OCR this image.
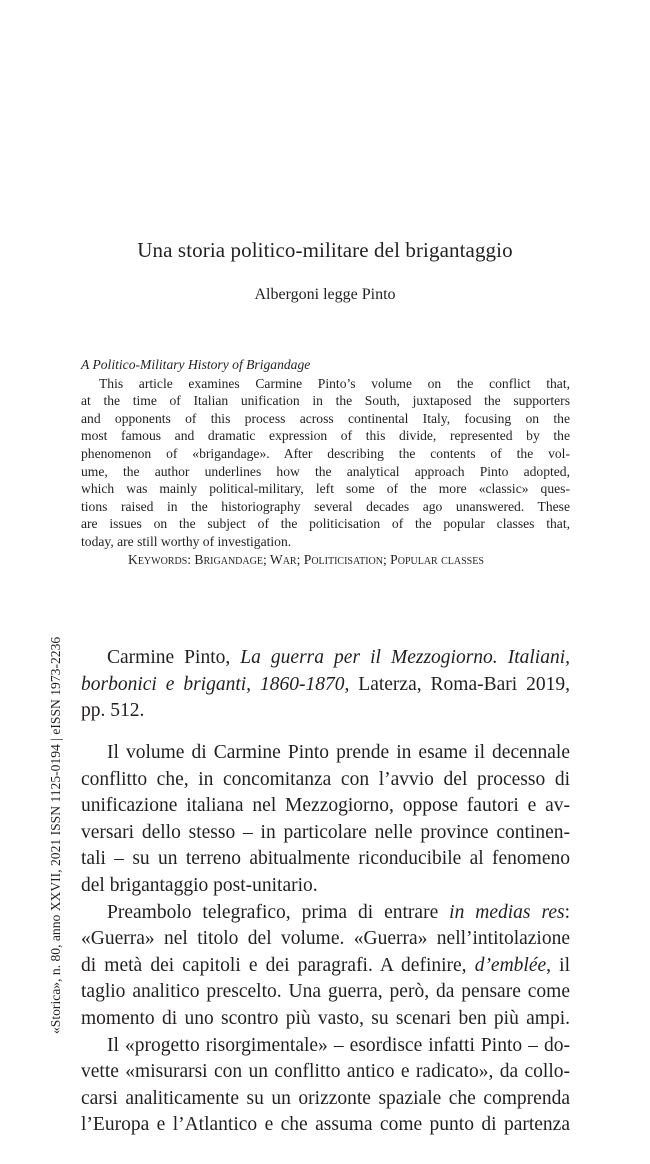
Una storia politico-militare del brigantaggio
Albergoni legge Pinto
A Politico-Military History of Brigandage
This article examines Carmine Pinto’s volume on the conflict that,
at the time of Italian unification in the South, juxtaposed the supporters
and opponents of this process across continental Italy, focusing on the
most famous and dramatic expression of this divide, represented by the
phenomenon of «brigandage». After describing the contents of the vol-
ume, the author underlines how the analytical approach Pinto adopted,
which was mainly political-military, left some of the more «classic» ques-
tions raised in the historiography several decades ago unanswered. These
are issues on the subject of the politicisation of the popular classes that,
today, are still worthy of investigation.
Keywords: Brigandage; War; Politicisation; Popular classes

Carmine Pinto, La guerra per il Mezzogiorno. Italiani, borbonici e briganti, 1860-1870, Laterza, Roma-Bari 2019, pp. 512.

Il volume di Carmine Pinto prende in esame il decennale
conflitto che, in concomitanza con l’avvio del processo di
unificazione italiana nel Mezzogiorno, oppose fautori e av-
versari dello stesso – in particolare nelle province continen-
tali – su un terreno abitualmente riconducibile al fenomeno
del brigantaggio post-unitario.

Preambolo telegrafico, prima di entrare in medias res:
«Guerra» nel titolo del volume. «Guerra» nell’intitolazione
di metà dei capitoli e dei paragrafi. A definire, d’emblée, il
taglio analitico prescelto. Una guerra, però, da pensare come
momento di uno scontro più vasto, su scenari ben più ampi.

Il «progetto risorgimentale» – esordisce infatti Pinto – do-
vette «misurarsi con un conflitto antico e radicato», da collo-
carsi analiticamente su un orizzonte spaziale che comprenda
l’Europa e l’Atlantico e che assuma come punto di partenza

«Storica», n. 80, anno XXVII, 2021 ISSN 1125-0194 | eISSN 1973-2236
